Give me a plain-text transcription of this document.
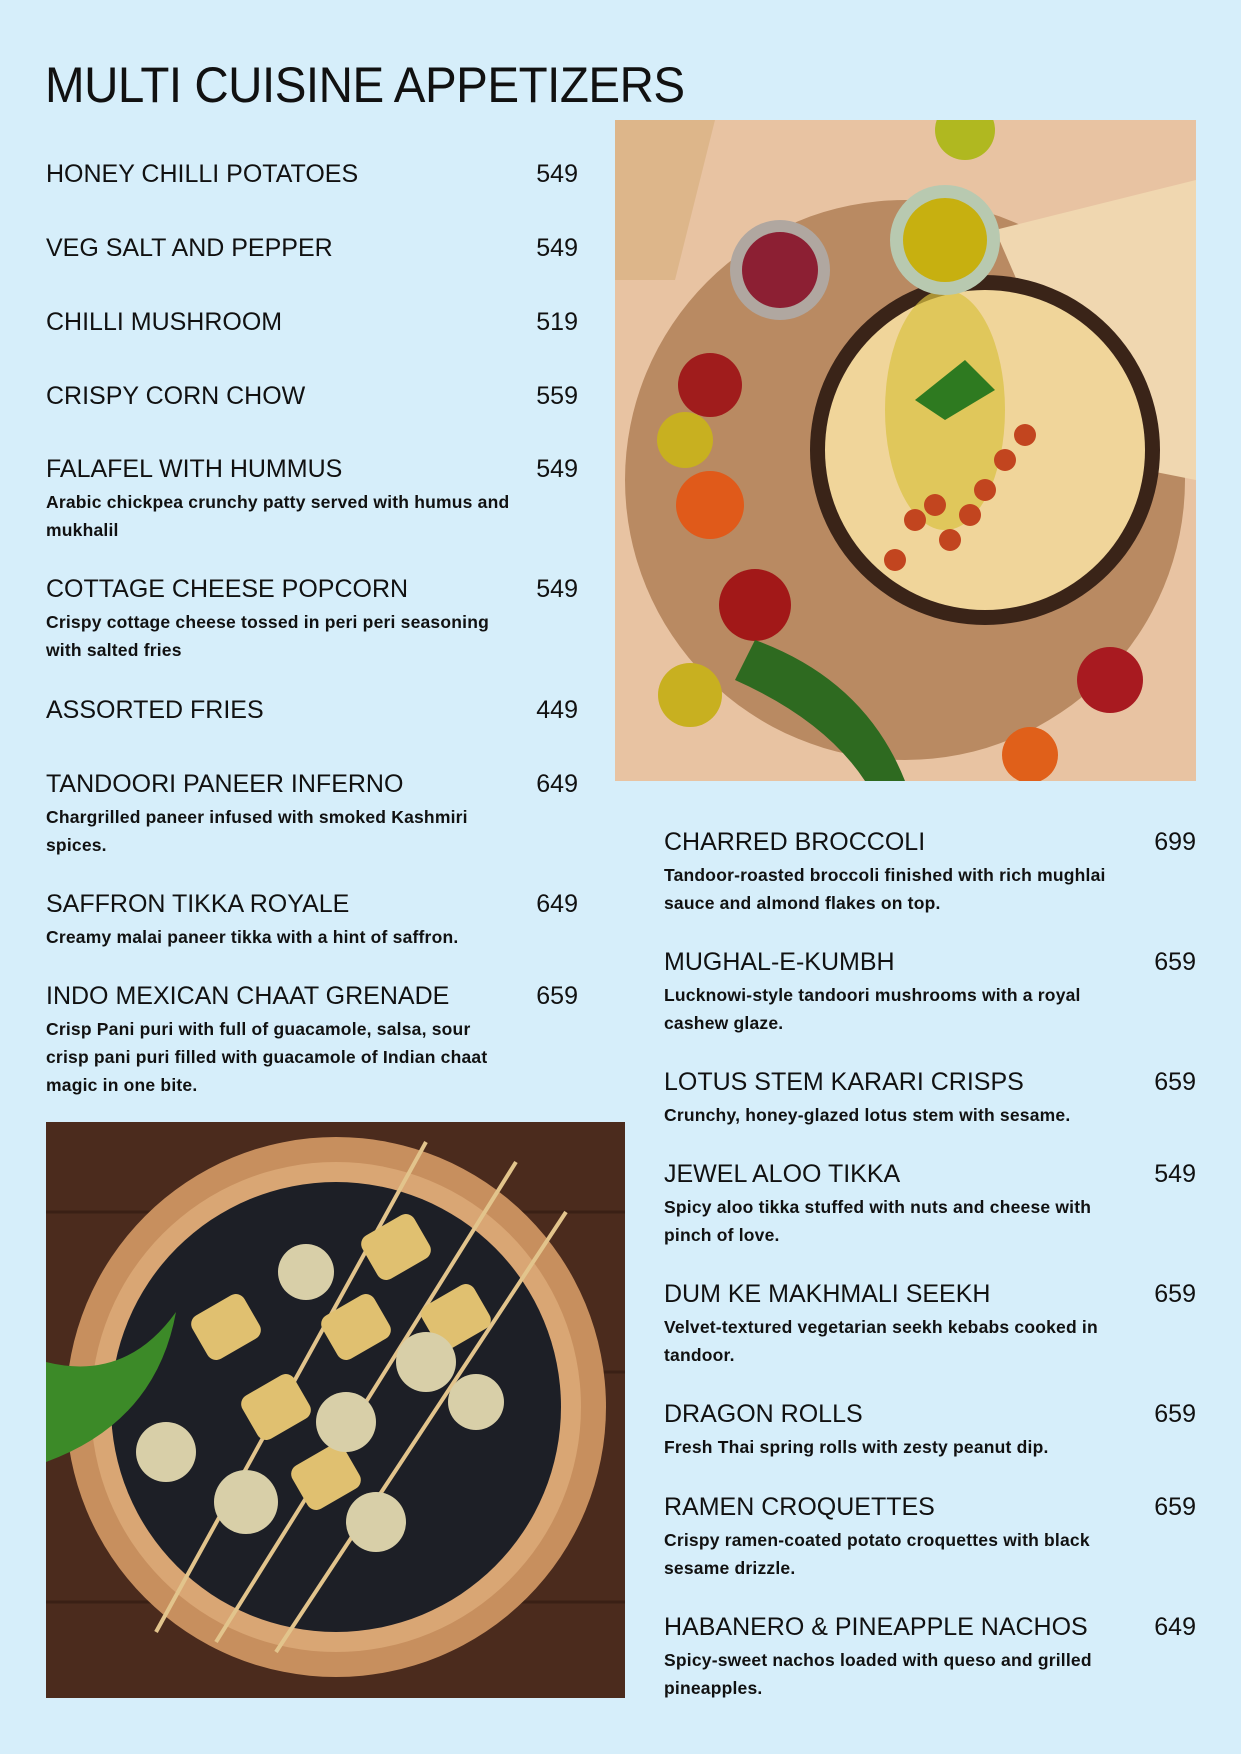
MULTI CUISINE APPETIZERS
HONEY CHILLI POTATOES	549
VEG SALT AND PEPPER	549
CHILLI MUSHROOM	519
CRISPY CORN CHOW	559
FALAFEL WITH HUMMUS	549
Arabic chickpea crunchy patty served with humus and mukhalil
COTTAGE CHEESE POPCORN	549
Crispy cottage cheese tossed in peri peri seasoning with salted fries
ASSORTED FRIES	449
TANDOORI PANEER INFERNO	649
Chargrilled paneer infused with smoked Kashmiri spices.
SAFFRON TIKKA ROYALE	649
Creamy malai paneer tikka with a hint of saffron.
INDO MEXICAN CHAAT GRENADE	659
Crisp Pani puri with full of guacamole, salsa, sour crisp pani puri filled with guacamole of Indian chaat magic in one bite.
CHARRED BROCCOLI	699
Tandoor-roasted broccoli finished with rich mughlai sauce and almond flakes on top.
MUGHAL-E-KUMBH	659
Lucknowi-style tandoori mushrooms with a royal cashew glaze.
LOTUS STEM KARARI CRISPS	659
Crunchy, honey-glazed lotus stem with sesame.
JEWEL ALOO TIKKA	549
Spicy aloo tikka stuffed with nuts and cheese with pinch of love.
DUM KE MAKHMALI SEEKH	659
Velvet-textured vegetarian seekh kebabs cooked in tandoor.
DRAGON ROLLS	659
Fresh Thai spring rolls with zesty peanut dip.
RAMEN CROQUETTES	659
Crispy ramen-coated potato croquettes with black sesame drizzle.
HABANERO & PINEAPPLE NACHOS	649
Spicy-sweet nachos loaded with queso and grilled pineapples.
